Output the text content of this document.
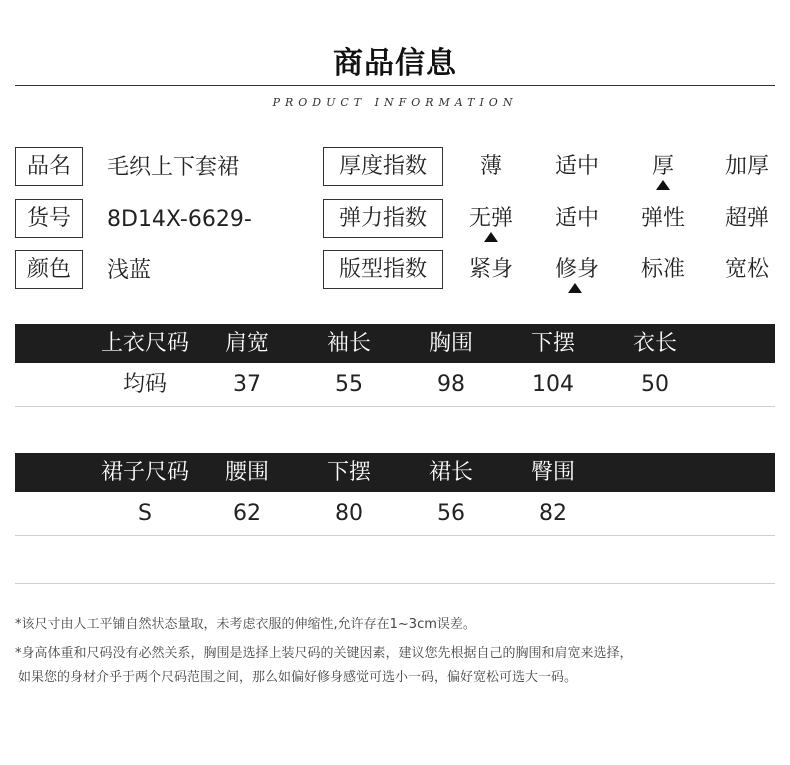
商品信息
PRODUCT INFORMATION
品名	毛织上下套裙
货号	8D14X-6629-
颜色	浅蓝
厚度指数	薄	适中	厚	加厚
弹力指数	无弹	适中	弹性	超弹
版型指数	紧身	修身	标准	宽松
上衣尺码	肩宽	袖长	胸围	下摆	衣长
均码	37	55	98	104	50
裙子尺码	腰围	下摆	裙长	臀围
S	62	80	56	82
*该尺寸由人工平铺自然状态量取，未考虑衣服的伸缩性,允许存在1~3cm误差。
*身高体重和尺码没有必然关系，胸围是选择上装尺码的关键因素，建议您先根据自己的胸围和肩宽来选择，
如果您的身材介乎于两个尺码范围之间，那么如偏好修身感觉可选小一码，偏好宽松可选大一码。
